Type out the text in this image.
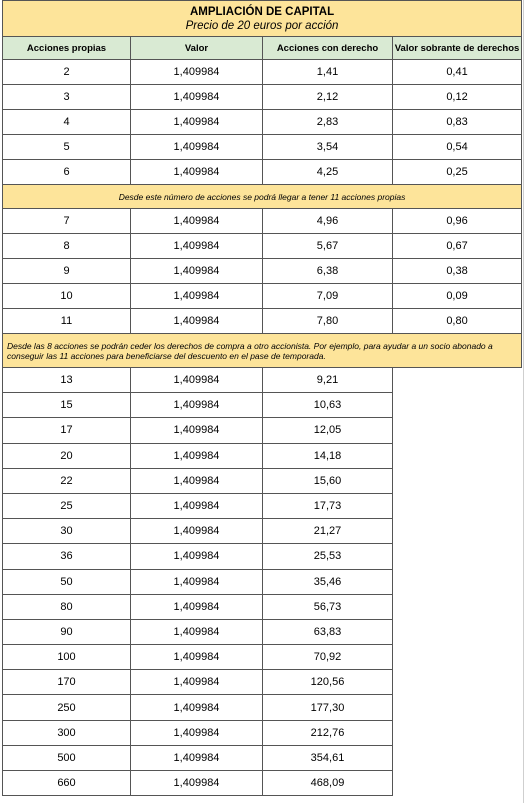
AMPLIACIÓN DE CAPITAL
Precio de 20 euros por acción			

Acciones propias	Valor	Acciones con derecho	Valor sobrante de derechos
2	1,409984	1,41	0,41
3	1,409984	2,12	0,12
4	1,409984	2,83	0,83
5	1,409984	3,54	0,54
6	1,409984	4,25	0,25
Desde este número de acciones se podrá llegar a tener 11 acciones propias			
7	1,409984	4,96	0,96
8	1,409984	5,67	0,67
9	1,409984	6,38	0,38
10	1,409984	7,09	0,09
11	1,409984	7,80	0,80
Desde las 8 acciones se podrán ceder los derechos de compra a otro accionista. Por ejemplo, para ayudar a un socio abonado a conseguir las 11 acciones para beneficiarse del descuento en el pase de temporada.			
13	1,409984	9,21	
15	1,409984	10,63	
17	1,409984	12,05	
20	1,409984	14,18	
22	1,409984	15,60	
25	1,409984	17,73	
30	1,409984	21,27	
36	1,409984	25,53	
50	1,409984	35,46	
80	1,409984	56,73	
90	1,409984	63,83	
100	1,409984	70,92	
170	1,409984	120,56	
250	1,409984	177,30	
300	1,409984	212,76	
500	1,409984	354,61	
660	1,409984	468,09	
